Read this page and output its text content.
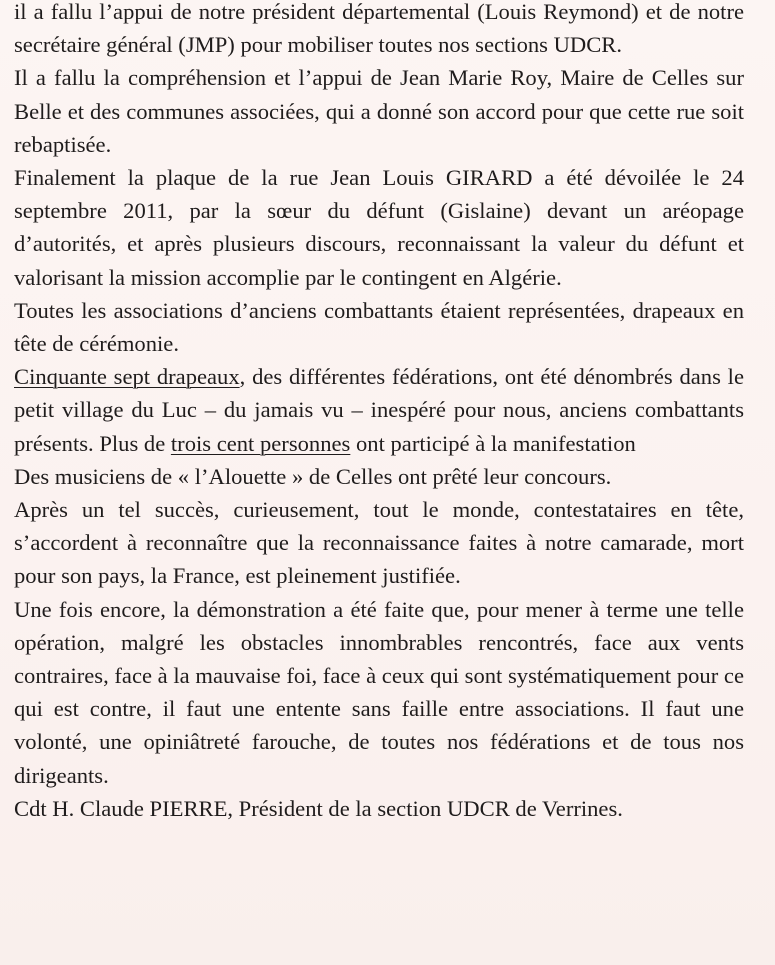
il a fallu l’appui de notre président départemental (Louis Reymond) et de notre secrétaire général (JMP) pour mobiliser toutes nos sections UDCR.

Il a fallu la compréhension et l’appui de Jean Marie Roy, Maire de Celles sur Belle et des communes associées, qui a donné son accord pour que cette rue soit rebaptisée.

Finalement la plaque de la rue Jean Louis GIRARD a été dévoilée le 24 septembre 2011, par la sœur du défunt (Gislaine) devant un aréopage d’autorités, et après plusieurs discours, reconnaissant la valeur du défunt et valorisant la mission accomplie par le contingent en Algérie.

Toutes les associations d’anciens combattants étaient représentées, drapeaux en tête de cérémonie.

Cinquante sept drapeaux, des différentes fédérations, ont été dénombrés dans le petit village du Luc – du jamais vu – inespéré pour nous, anciens combattants présents. Plus de trois cent personnes ont participé à la manifestation

Des musiciens de « l’Alouette » de Celles ont prêté leur concours.

Après un tel succès, curieusement, tout le monde, contestataires en tête, s’accordent à reconnaître que la reconnaissance faites à notre camarade, mort pour son pays, la France, est pleinement justifiée.

Une fois encore, la démonstration a été faite que, pour mener à terme une telle opération, malgré les obstacles innombrables rencontrés, face aux vents contraires, face à la mauvaise foi, face à ceux qui sont systématiquement pour ce qui est contre, il faut une entente sans faille entre associations. Il faut une volonté, une opiniâtreté farouche, de toutes nos fédérations et de tous nos dirigeants.

Cdt H. Claude PIERRE, Président de la section UDCR de Verrines.
